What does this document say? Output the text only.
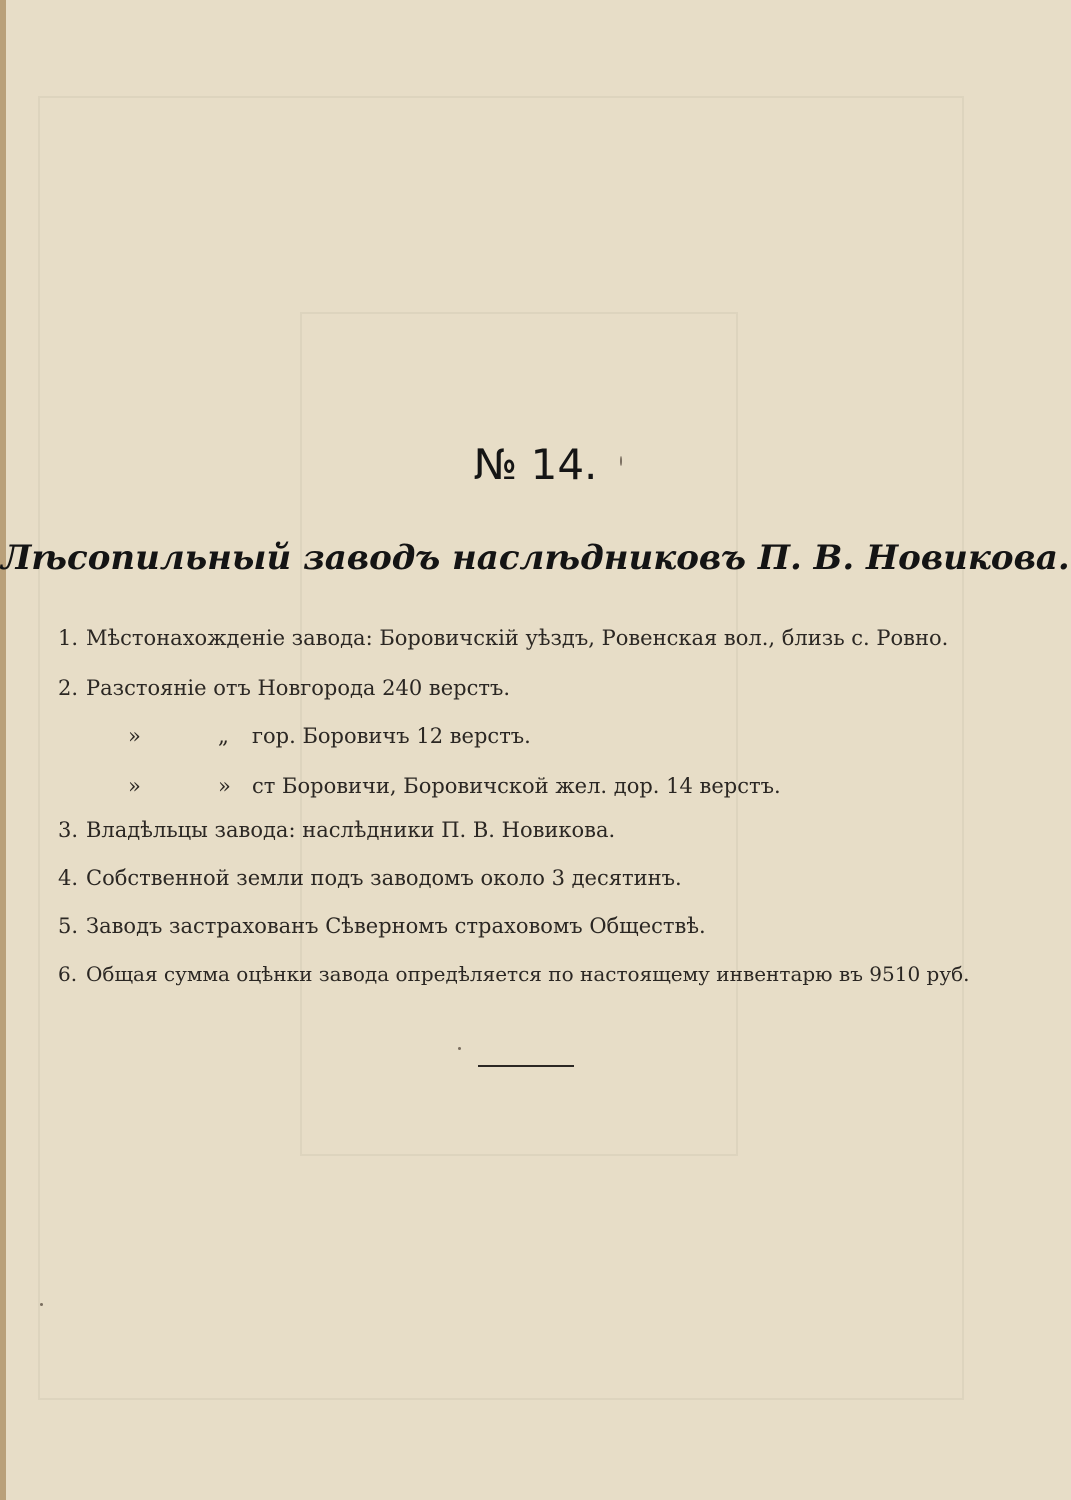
№ 14.
Лѣсопильный заводъ наслѣдниковъ П. В. Новикова.
1. Мѣстонахожденіе завода: Боровичскій уѣздъ, Ровенская вол., близь с. Ровно.
2. Разстояніе отъ Новгорода 240 верстъ.
»	„ гор. Боровичъ 12 верстъ.
»	» ст Боровичи, Боровичской жел. дор. 14 верстъ.
3. Владѣльцы завода: наслѣдники П. В. Новикова.
4. Собственной земли подъ заводомъ около 3 десятинъ.
5. Заводъ застрахованъ Сѣверномъ страховомъ Обществѣ.
6. Общая сумма оцѣнки завода опредѣляется по настоящему инвентарю въ 9510 руб.
